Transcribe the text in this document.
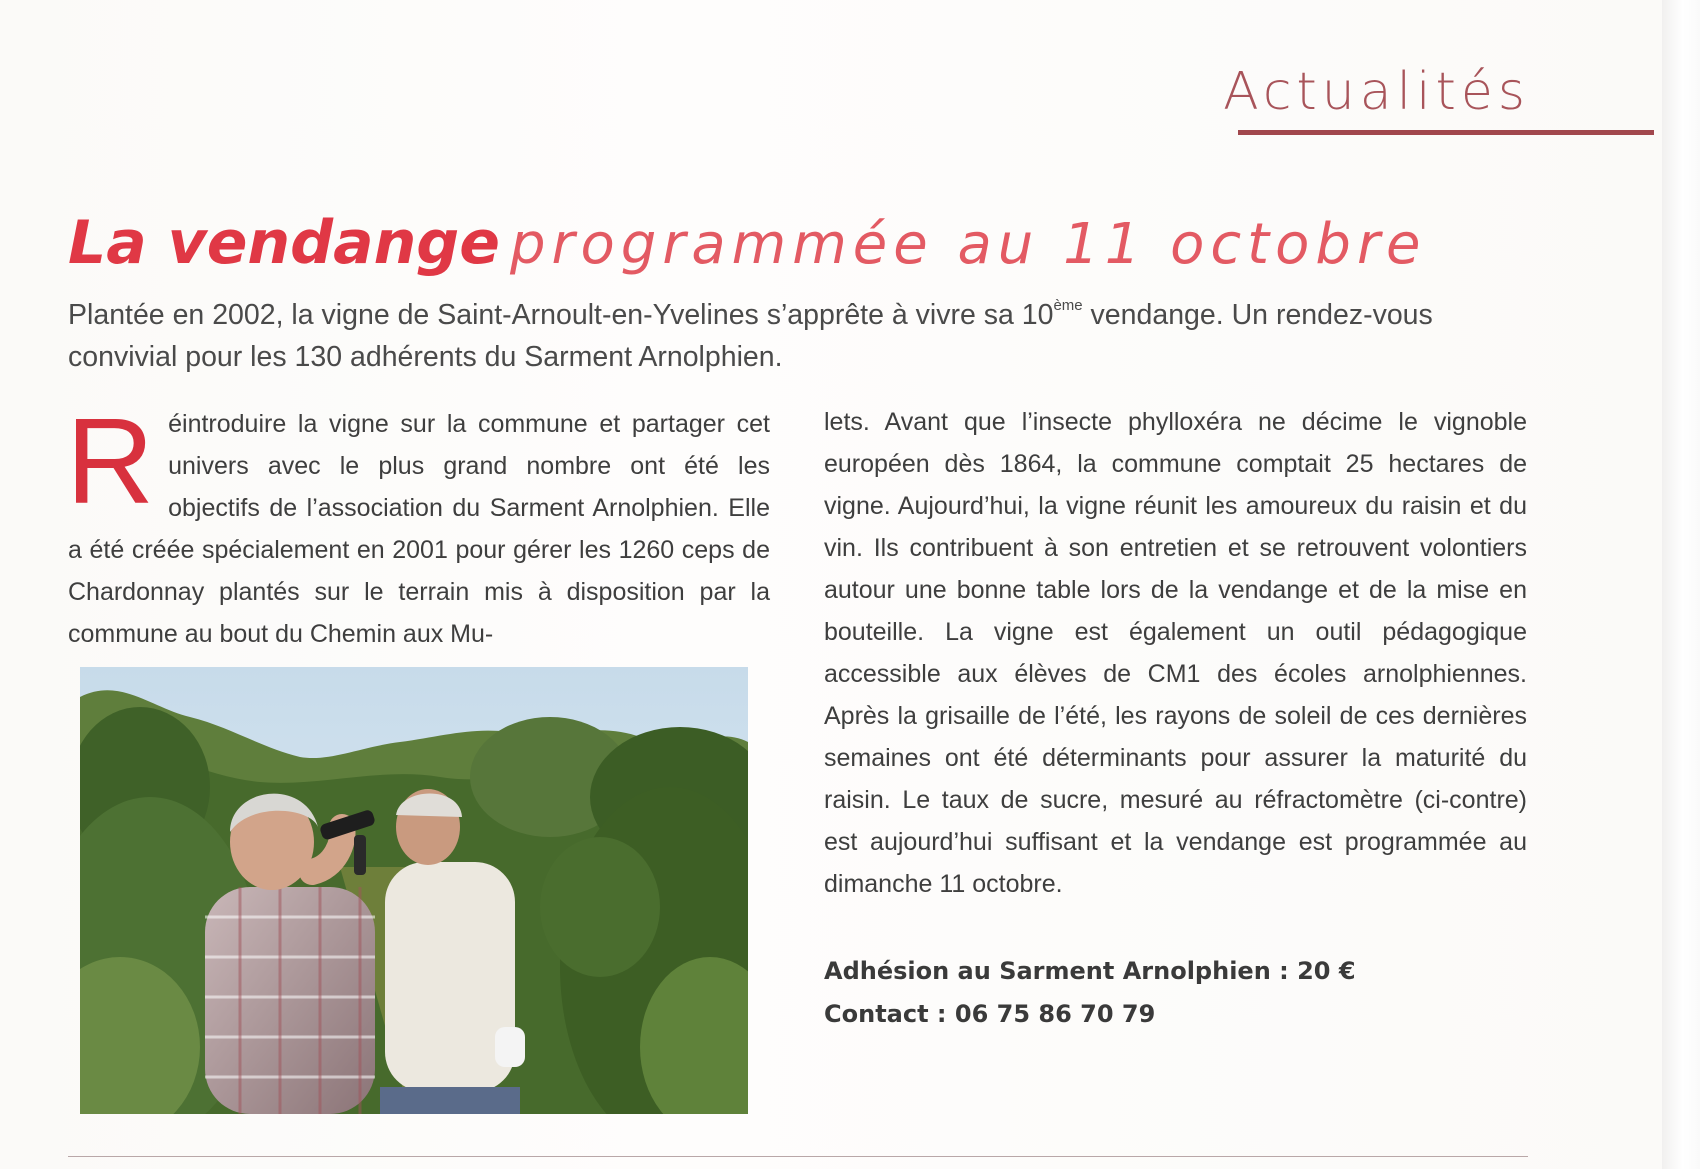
Actualités
La vendange programmée au 11 octobre

Plantée en 2002, la vigne de Saint-Arnoult-en-Yvelines s’apprête à vivre sa 10ème vendange. Un rendez-vous convivial pour les 130 adhérents du Sarment Arnolphien.

R éintroduire la vigne sur la commune et partager cet univers avec le plus grand nombre ont été les objectifs de l’association du Sarment Arnolphien. Elle a été créée spécialement en 2001 pour gérer les 1260 ceps de Chardonnay plantés sur le terrain mis à disposition par la commune au bout du Chemin aux Mu-
lets. Avant que l’insecte phylloxéra ne décime le vignoble européen dès 1864, la commune comptait 25 hectares de vigne. Aujourd’hui, la vigne réunit les amoureux du raisin et du vin. Ils contribuent à son entretien et se retrouvent volontiers autour une bonne table lors de la vendange et de la mise en bouteille. La vigne est également un outil pédagogique accessible aux élèves de CM1 des écoles arnolphiennes. Après la grisaille de l’été, les rayons de soleil de ces dernières semaines ont été déterminants pour assurer la maturité du raisin. Le taux de sucre, mesuré au réfractomètre (ci-contre) est aujourd’hui suffisant et la vendange est programmée au dimanche 11 octobre.
Adhésion au Sarment Arnolphien : 20 €
Contact : 06 75 86 70 79
